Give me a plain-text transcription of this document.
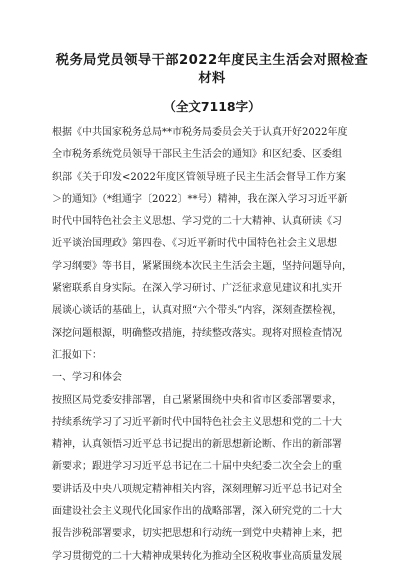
税务局党员领导干部2022年度民主生活会对照检查材料
（全文7118字）
根据《中共国家税务总局**市税务局委员会关于认真开好2022年度
全市税务系统党员领导干部民主生活会的通知》和区纪委、区委组
织部《关于印发<2022年度区管领导班子民主生活会督导工作方案
＞的通知》（*组通字〔2022〕**号）精神，我在深入学习习近平新
时代中国特色社会主义思想、学习党的二十大精神、认真研读《习
近平谈治国理政》第四卷、《习近平新时代中国特色社会主义思想
学习纲要》等书目，紧紧围绕本次民主生活会主题，坚持问题导向，
紧密联系自身实际。在深入学习研讨、广泛征求意见建议和扎实开
展谈心谈话的基础上，认真对照“六个带头”内容，深刻查摆检视，
深挖问题根源，明确整改措施，持续整改落实。现将对照检查情况
汇报如下：
一、学习和体会
按照区局党委安排部署，自己紧紧围绕中央和省市区委部署要求，
持续系统学习了习近平新时代中国特色社会主义思想和党的二十大
精神，认真领悟习近平总书记提出的新思想新论断、作出的新部署
新要求；跟进学习习近平总书记在二十届中央纪委二次全会上的重
要讲话及中央八项规定精神相关内容，深刻理解习近平总书记对全
面建设社会主义现代化国家作出的战略部署，深入研究党的二十大
报告涉税部署要求，切实把思想和行动统一到党中央精神上来，把
学习贯彻党的二十大精神成果转化为推动全区税收事业高质量发展
